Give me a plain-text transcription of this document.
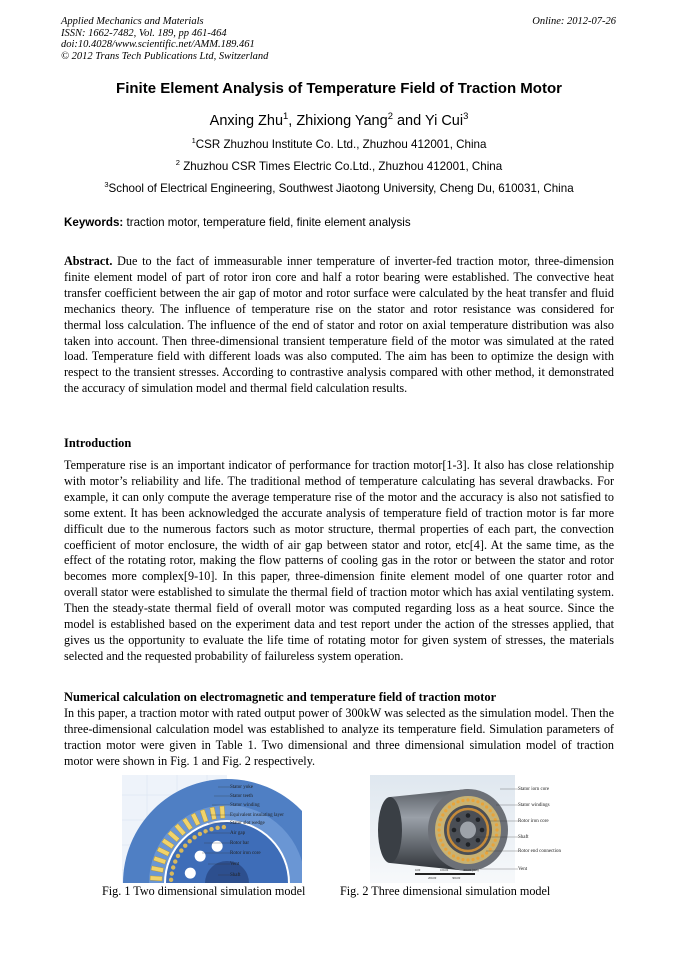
Applied Mechanics and Materials
ISSN: 1662-7482, Vol. 189, pp 461-464
doi:10.4028/www.scientific.net/AMM.189.461
© 2012 Trans Tech Publications Ltd, Switzerland
Online: 2012-07-26
Finite Element Analysis of Temperature Field of Traction Motor
Anxing Zhu$^1$, Zhixiong Yang$^2$ and Yi Cui$^3$
$^1$CSR Zhuzhou Institute Co. Ltd., Zhuzhou 412001, China
$^2$ Zhuzhou CSR Times Electric Co.Ltd., Zhuzhou 412001, China
$^3$School of Electrical Engineering, Southwest Jiaotong University, Cheng Du, 610031, China
Keywords: traction motor, temperature field, finite element analysis
Abstract. Due to the fact of immeasurable inner temperature of inverter-fed traction motor, three-dimension finite element model of part of rotor iron core and half a rotor bearing were established. The convective heat transfer coefficient between the air gap of motor and rotor surface were calculated by the heat transfer and fluid mechanics theory. The influence of temperature rise on the stator and rotor resistance was considered for thermal loss calculation. The influence of the end of stator and rotor on axial temperature distribution was also taken into account. Then three-dimensional transient temperature field of the motor was simulated at the rated load. Temperature field with different loads was also computed. The aim has been to optimize the design with respect to the transient stresses. According to contrastive analysis compared with other method, it demonstrated the accuracy of simulation model and thermal field calculation results.
Introduction
Temperature rise is an important indicator of performance for traction motor[1-3]. It also has close relationship with motor’s reliability and life. The traditional method of temperature calculating has several drawbacks. For example, it can only compute the average temperature rise of the motor and the accuracy is also not satisfied to some extent. It has been acknowledged the accurate analysis of temperature field of traction motor is far more difficult due to the numerous factors such as motor structure, thermal properties of each part, the convection coefficient of motor enclosure, the width of air gap between stator and rotor, etc[4]. At the same time, as the effect of the rotating rotor, making the flow patterns of cooling gas in the rotor or between the stator and rotor becomes more complex[9-10]. In this paper, three-dimension finite element model of one quarter rotor and overall stator were established to simulate the thermal field of traction motor which has axial ventilating system. Then the steady-state thermal field of overall motor was computed regarding loss as a heat source. Since the model is established based on the experiment data and test report under the action of the stresses applied, that gives us the opportunity to evaluate the life time of rotating motor for given system of stresses, the materials selected and the requested probability of failureless system operation.
Numerical calculation on electromagnetic and temperature field of traction motor
In this paper, a traction motor with rated output power of 300kW was selected as the simulation model. Then the three-dimensional calculation model was established to analyze its temperature field. Simulation parameters of traction motor were given in Table 1. Two dimensional and three dimensional simulation model of traction motor were shown in Fig. 1 and Fig. 2 respectively.
Stator yoke
Stator teeth
Stator winding
Equivalent insulating layer
Stator slot wedge
Air gap
Rotor bar
Rotor iron core
Vent
Shaft
Fig. 1 Two dimensional simulation model
0.00	100.00	400.00 (mm)
200.00	300.00
Stator iorn core
Stator windings
Rotor iron core
Shaft
Rotor end connection
Vent
Fig. 2 Three dimensional simulation model
